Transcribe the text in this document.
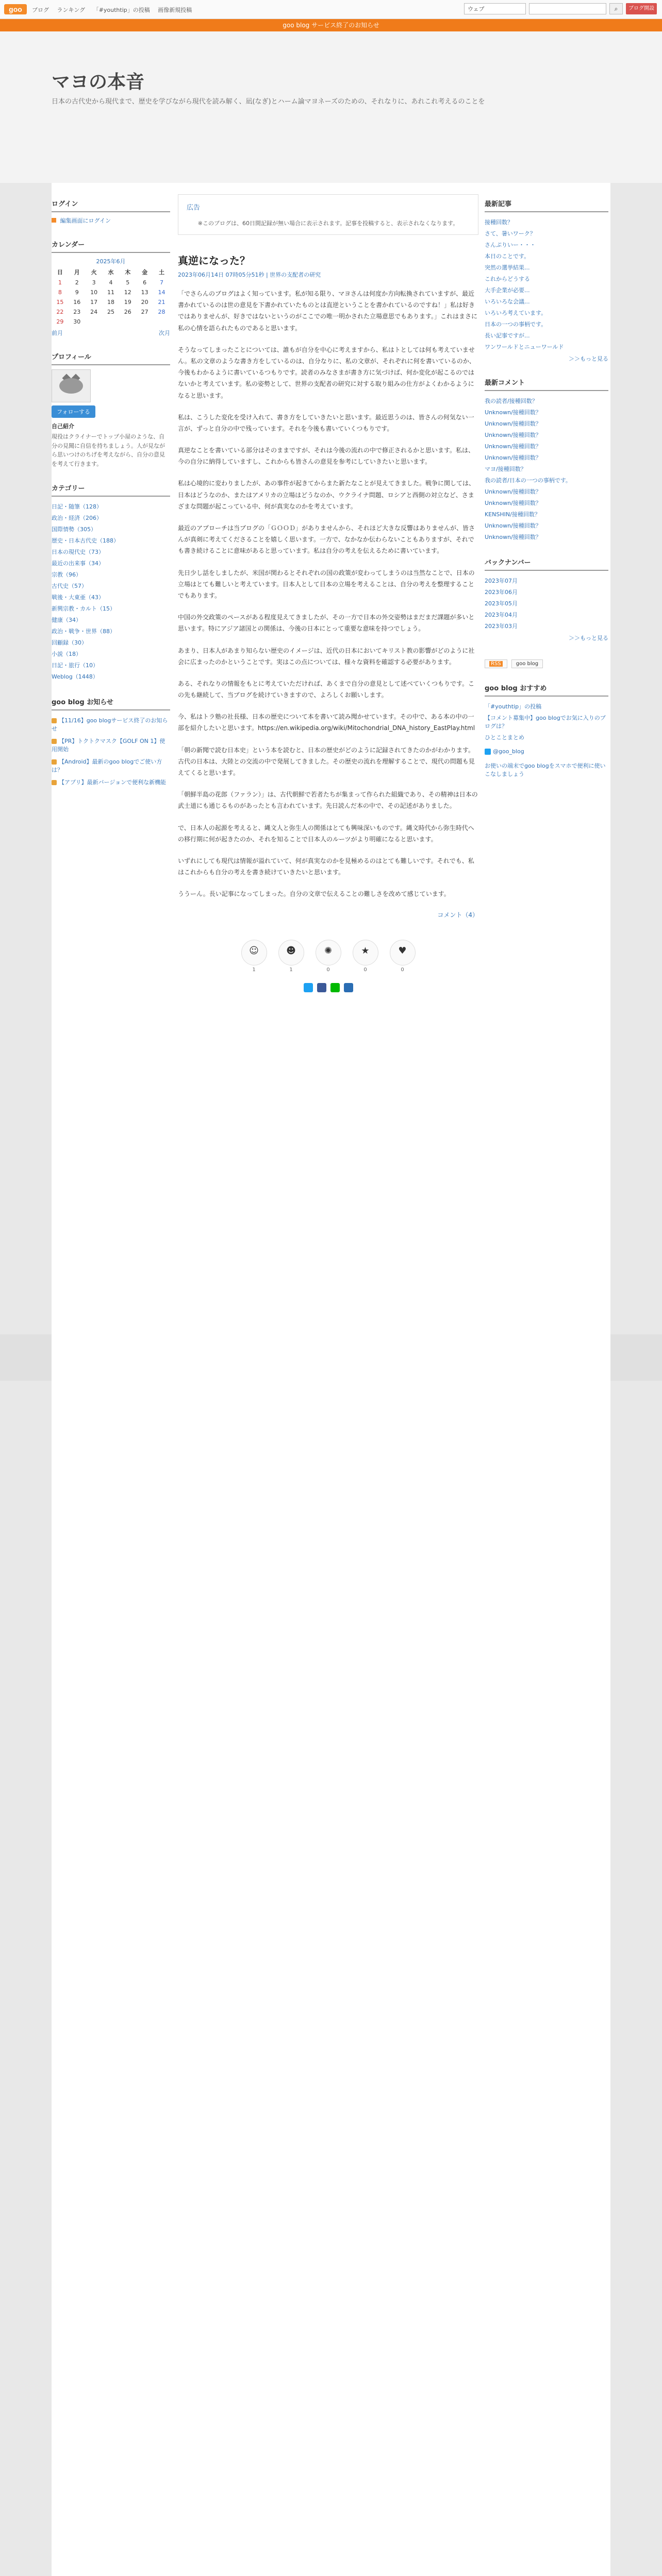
goo	ブログ ランキング 「#youthtip」の投稿 画像新規投稿	ウェブ	⌕	ブログ開設
goo blog サービス終了のお知らせ
マヨの本音
日本の古代史から現代まで、歴史を学びながら現代を読み解く、凪(なぎ)とハーム論マヨネーズのための、それなりに、あれこれ考えるのことを
ログイン
編集画面にログイン
カレンダー
2025年6月
日	月	火	水	木	金	土
1	2	3	4	5	6	7
8	9	10	11	12	13	14
15	16	17	18	19	20	21
22	23	24	25	26	27	28
29	30					
前月	次月
プロフィール
フォローする
自己紹介
現役はクライナーでトップ小屋のような、自分の見聞に自信を持ちましょう。人が見ながら思いつけのちげを考えながら、自分の意見を考えて行きます。
カテゴリー
日記・随筆（128）
政治・経済（206）
国際情勢（305）
歴史・日本古代史（188）
日本の現代史（73）
最近の出来事（34）
宗教（96）
古代史（57）
戦後・大東亜（43）
新興宗教・カルト（15）
健康（34）
政治・戦争・世界（88）
回顧録（30）
小説（18）
日記・旅行（10）
Weblog（1448）
goo blog お知らせ
【11/16】goo blogサービス終了のお知らせ
【PR】トクトクマスク【GOLF ON 1】使用開始
【Android】最新のgoo blogでご使い方は？
【アプリ】最新バージョンで便利な新機能
広告
※このブログは、60日間記録が無い場合に表示されます。記事を投稿すると、表示されなくなります。
真逆になった？
2023年06月14日 07時05分51秒 | 世界の支配者の研究

「でさらんのブログはよく知っています。私が知る限り、マヨさんは何度か方向転換されていますが、最近書かれているのは世の意見を下書かれていたものとは直逆ということを書かれているのですね！」私は好きではありませんが、好きではないというのがここでの唯一明かされた立場意思でもあります。」これはまさに私の心情を語られたものであると思います。

そうなってしまったことについては、誰もが自分を中心に考えますから、私はトとしては何も考えていません。私の文章のような書き方をしているのは、自分なりに、私の文章が、それぞれに何を書いているのか、今後もわかるように書いているつもりです。読者のみなさまが書き方に気づけば、何か変化が起こるのではないかと考えています。私の姿勢として、世界の支配者の研究に対する取り組みの仕方がよくわかるようになると思います。

私は、こうした変化を受け入れて、書き方をしていきたいと思います。最近思うのは、皆さんの何気ない一言が、ずっと自分の中で残っています。それを今後も書いていくつもりです。

真逆なことを書いている部分はそのままですが、それは今後の流れの中で修正されるかと思います。私は、今の自分に納得していますし、これからも皆さんの意見を参考にしていきたいと思います。

私は心境的に変わりましたが、あの事件が起きてからまた新たなことが見えてきました。戦争に関しては、日本はどうなのか、またはアメリカの立場はどうなのか、ウクライナ問題、ロシアと西側の対立など、さまざまな問題が起こっている中、何が真実なのかを考えています。

最近のアプローチは当ブログの「ＧＯＯＤ」がありませんから、それほど大きな反響はありませんが、皆さんが真剣に考えてくださることを嬉しく思います。一方で、なかなか伝わらないこともありますが、それでも書き続けることに意味があると思っています。私は自分の考えを伝えるために書いています。

先日少し話をしましたが、米国が関わるとそれぞれの国の政策が変わってしまうのは当然なことで、日本の立場はとても難しいと考えています。日本人として日本の立場を考えることは、自分の考えを整理することでもあります。

中国の外交政策のペースがある程度見えてきましたが、その一方で日本の外交姿勢はまだまだ課題が多いと思います。特にアジア諸国との関係は、今後の日本にとって重要な意味を持つでしょう。

あまり、日本人があまり知らない歴史のイメージは、近代の日本においてキリスト教の影響がどのように社会に広まったのかということです。実はこの点については、様々な資料を確認する必要があります。

ある、それなりの情報をもとに考えていただければ、あくまで自分の意見として述べていくつもりです。この先も継続して、当ブログを続けていきますので、よろしくお願いします。

今、私はトラ塾の社長様、日本の歴史について本を書いて読み聞かせています。その中で、ある本の中の一部を紹介したいと思います。https://en.wikipedia.org/wiki/Mitochondrial_DNA_history_EastPlay.html

「朝の新聞で読む日本史」という本を読むと、日本の歴史がどのように記録されてきたのかがわかります。古代の日本は、大陸との交流の中で発展してきました。その歴史の流れを理解することで、現代の問題も見えてくると思います。

「朝鮮半島の花郎（ファラン）」は、古代朝鮮で若者たちが集まって作られた組織であり、その精神は日本の武士道にも通じるものがあったとも言われています。先日読んだ本の中で、その記述がありました。

で、日本人の起源を考えると、縄文人と弥生人の関係はとても興味深いものです。縄文時代から弥生時代への移行期に何が起きたのか、それを知ることで日本人のルーツがより明確になると思います。

いずれにしても現代は情報が溢れていて、何が真実なのかを見極めるのはとても難しいです。それでも、私はこれからも自分の考えを書き続けていきたいと思います。

ううーん。長い記事になってしまった。自分の文章で伝えることの難しさを改めて感じています。

コメント（4）
☺
1
☻
1
✺
0
★
0
♥
0
最新記事
接種回数？
さて、暑いワーク？
さんぷりいー・・・
本日のことです。
突然の選挙結果...
これからどうする
大手企業が必要...
いろいろな会議...
いろいろ考えています。
日本の一つの事柄です。
長い記事ですが...
ワンワールドとニューワールド
＞＞もっと見る
最新コメント
我の読者/接種回数？
Unknown/接種回数？
Unknown/接種回数？
Unknown/接種回数？
Unknown/接種回数？
Unknown/接種回数？
マヨ/接種回数？
我の読者/日本の一つの事柄です。
Unknown/接種回数？
Unknown/接種回数？
KENSHIN/接種回数？
Unknown/接種回数？
Unknown/接種回数？
バックナンバー
2023年07月
2023年06月
2023年05月
2023年04月
2023年03月
＞＞もっと見る
RSS	goo blog
goo blog おすすめ
「#youthtip」の投稿
【コメント募集中】goo blogでお気に入りのブログは？
ひとことまとめ
@goo_blog
お使いの端末でgoo blogをスマホで便利に使いこなしましょう
